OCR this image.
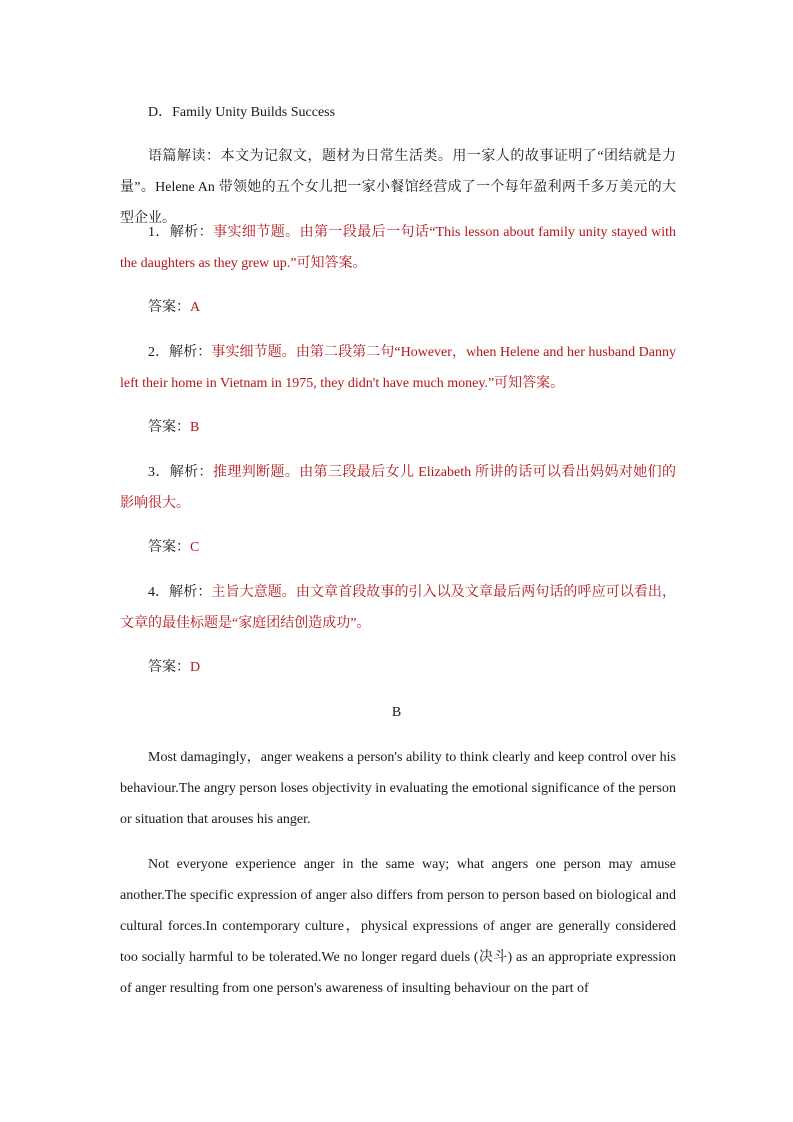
D．Family Unity Builds Success

语篇解读：本文为记叙文，题材为日常生活类。用一家人的故事证明了“团结就是力量”。Helene An 带领她的五个女儿把一家小餐馆经营成了一个每年盈利两千多万美元的大型企业。

1．解析：事实细节题。由第一段最后一句话“This lesson about family unity stayed with the daughters as they grew up.”可知答案。

答案：A

2．解析：事实细节题。由第二段第二句“However，when Helene and her husband Danny left their home in Vietnam in 1975, they didn't have much money.”可知答案。

答案：B

3．解析：推理判断题。由第三段最后女儿 Elizabeth 所讲的话可以看出妈妈对她们的影响很大。

答案：C

4．解析：主旨大意题。由文章首段故事的引入以及文章最后两句话的呼应可以看出，文章的最佳标题是“家庭团结创造成功”。

答案：D

B

Most damagingly，anger weakens a person's ability to think clearly and keep control over his behaviour.The angry person loses objectivity in evaluating the emotional significance of the person or situation that arouses his anger.

Not everyone experience anger in the same way; what angers one person may amuse another.The specific expression of anger also differs from person to person based on biological and cultural forces.In contemporary culture，physical expressions of anger are generally considered too socially harmful to be tolerated.We no longer regard duels (决斗) as an appropriate expression of anger resulting from one person's awareness of insulting behaviour on the part of
